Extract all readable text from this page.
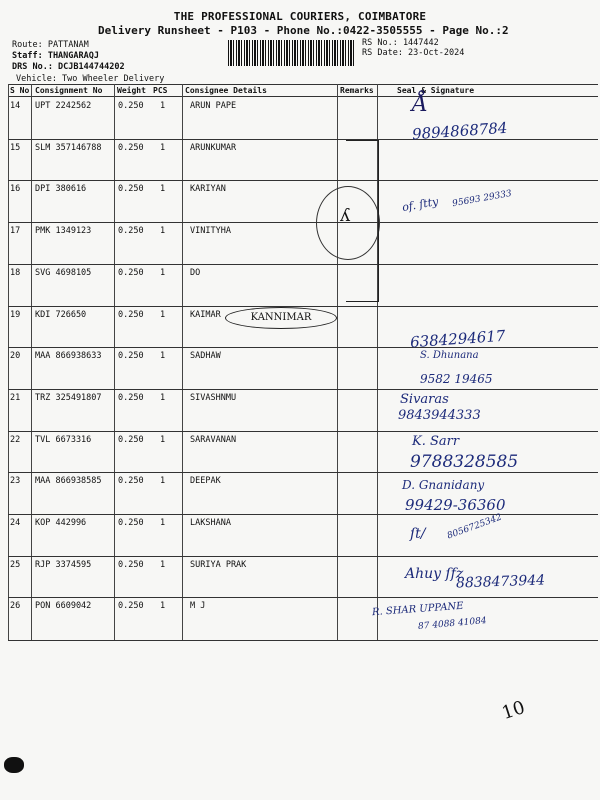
THE PROFESSIONAL COURIERS, COIMBATORE
Delivery Runsheet - P103 - Phone No.:0422-3505555 - Page No.:2
Route: PATTANAM
Staff: THANGARAQJ
DRS No.: DCJB144744202
Vehicle: Two Wheeler Delivery
RS No.: 1447442
RS Date: 23-Oct-2024
S No Consignment No Weight PCS Consignee Details	Remarks	Seal & Signature
14 UPT 2242562	0.250 1	ARUN PAPE
15 SLM 357146788 0.250 1	ARUNKUMAR
16 DPI 380616	0.250 1	KARIYAN
17 PMK 1349123	0.250 1	VINITYHA
18 SVG 4698105	0.250 1	DO
19 KDI 726650	0.250 1	KAIMAR
20 MAA 866938633 0.250 1	SADHAW
21 TRZ 325491807 0.250 1	SIVASHNMU
22 TVL 6673316	0.250 1	SARAVANAN
23 MAA 866938585 0.250 1	DEEPAK
24 KOP 442996	0.250 1	LAKSHANA
25 RJP 3374595	0.250 1	SURIYA PRAK
26 PON 6609042	0.250 1	M J
ʎ
KANNIMAR
Å
9894868784
of. ſtty 95693 29333
6384294617
S. Dhunana
9582 19465
Sivaras
9843944333
K. Sarr
9788328585
D. Gnanidany
99429-36360
ſt/ 8056725342
Ahuy ſfz
8838473944
R. SHAR UPPANE
87 4088 41084
10
